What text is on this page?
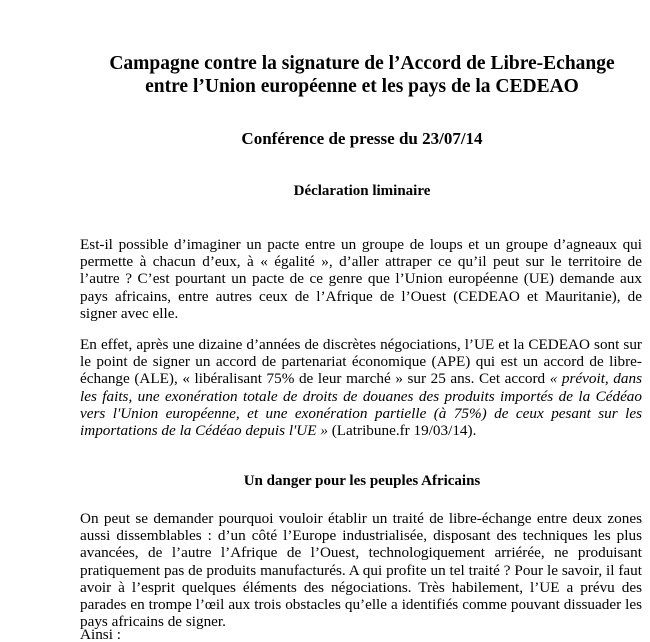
Campagne contre la signature de l’Accord de Libre-Echange
entre l’Union européenne et les pays de la CEDEAO
Conférence de presse du 23/07/14
Déclaration liminaire

Est-il possible d’imaginer un pacte entre un groupe de loups et un groupe d’agneaux qui permette à chacun d’eux, à « égalité », d’aller attraper ce qu’il peut sur le territoire de l’autre ? C’est pourtant un pacte de ce genre que l’Union européenne (UE) demande aux pays africains, entre autres ceux de l’Afrique de l’Ouest (CEDEAO et Mauritanie), de signer avec elle.

En effet, après une dizaine d’années de discrètes négociations, l’UE et la CEDEAO sont sur le point de signer un accord de partenariat économique (APE) qui est un accord de libre-échange (ALE), « libéralisant 75% de leur marché » sur 25 ans. Cet accord « prévoit, dans les faits, une exonération totale de droits de douanes des produits importés de la Cédéao vers l'Union européenne, et une exonération partielle (à 75%) de ceux pesant sur les importations de la Cédéao depuis l'UE » (Latribune.fr 19/03/14).

Un danger pour les peuples Africains

On peut se demander pourquoi vouloir établir un traité de libre-échange entre deux zones aussi dissemblables : d’un côté l’Europe industrialisée, disposant des techniques les plus avancées, de l’autre l’Afrique de l’Ouest, technologiquement arriérée, ne produisant pratiquement pas de produits manufacturés. A qui profite un tel traité ? Pour le savoir, il faut avoir à l’esprit quelques éléments des négociations. Très habilement, l’UE a prévu des parades en trompe l’œil aux trois obstacles qu’elle a identifiés comme pouvant dissuader les pays africains de signer.

Ainsi :
